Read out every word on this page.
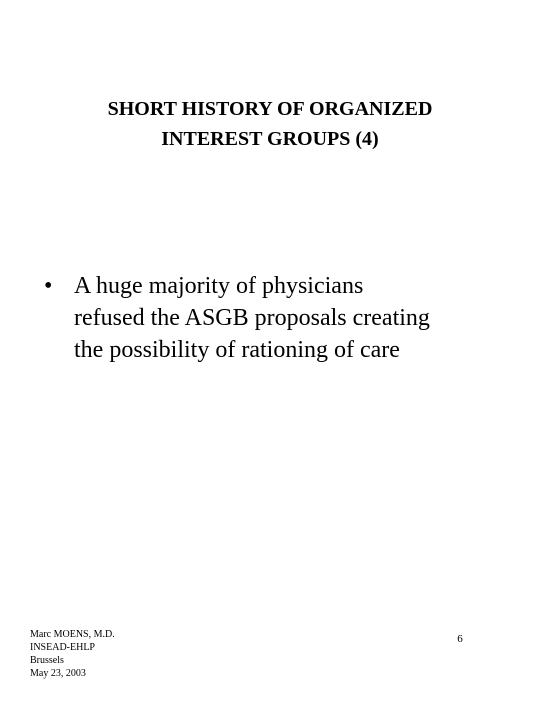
SHORT HISTORY OF ORGANIZED
INTEREST GROUPS (4)
• A huge majority of physicians
refused the ASGB proposals creating
the possibility of rationing of care
Marc MOENS, M.D.
INSEAD-EHLP
Brussels
May 23, 2003
6
